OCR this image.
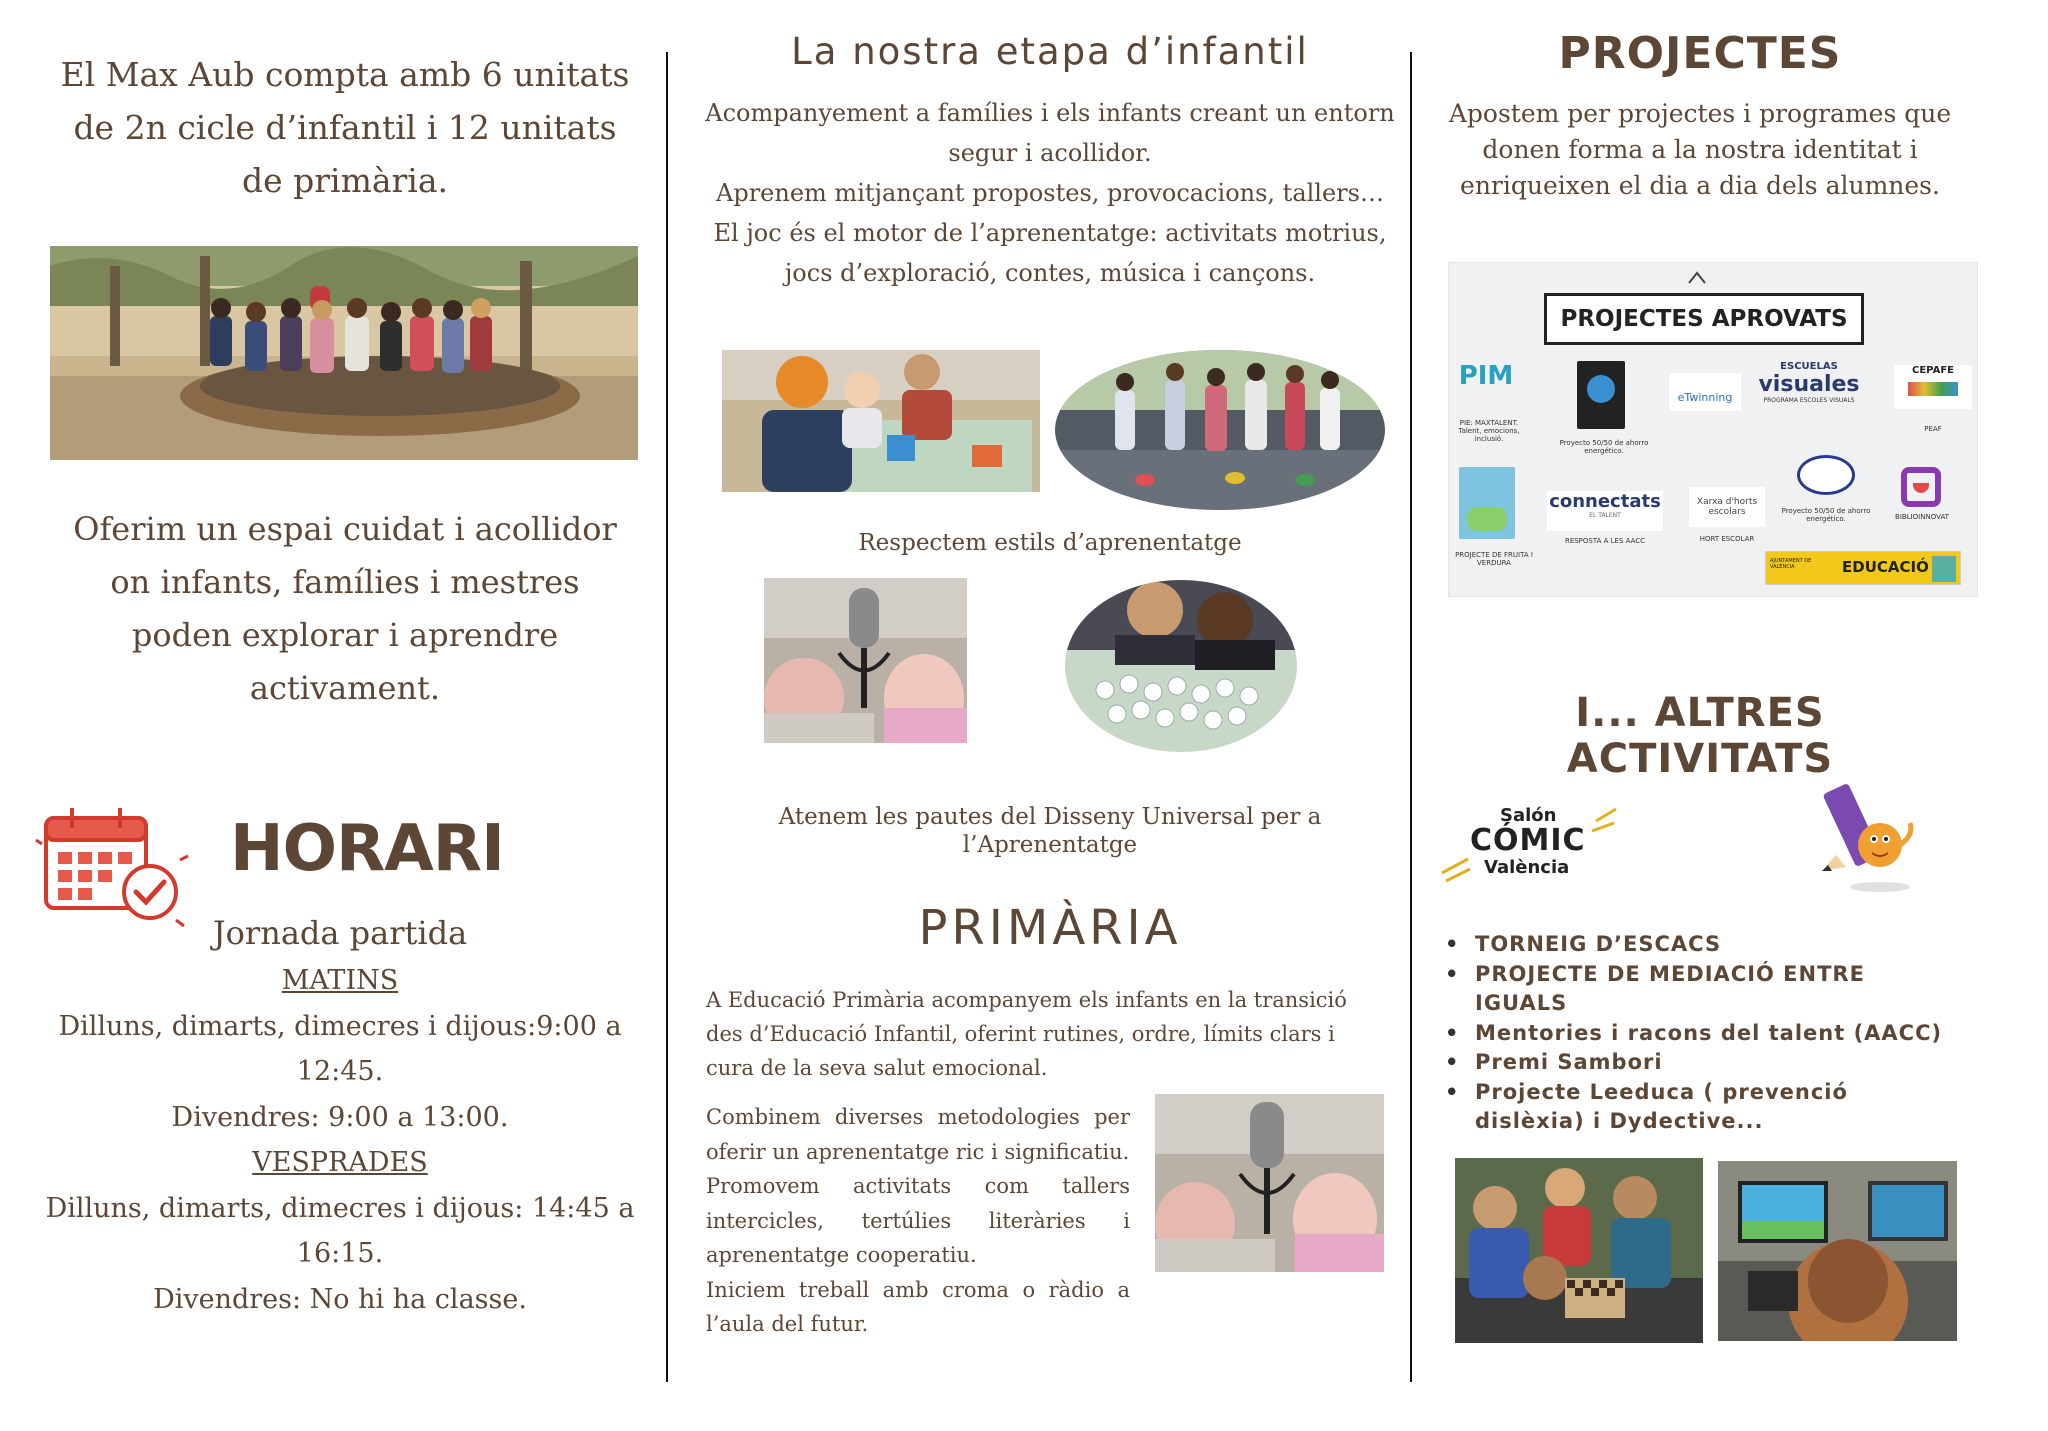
El Max Aub compta amb 6 unitats de 2n cicle d’infantil i 12 unitats de primària.
Oferim un espai cuidat i acollidor on infants, famílies i mestres poden explorar i aprendre activament.
HORARI
Jornada partida
MATINS
Dilluns, dimarts, dimecres i dijous:9:00 a 12:45.
Divendres: 9:00 a 13:00.
VESPRADES
Dilluns, dimarts, dimecres i dijous: 14:45 a 16:15.
Divendres: No hi ha classe.
La nostra etapa d’infantil
Acompanyement a famílies i els infants creant un entorn segur i acollidor.
Aprenem mitjançant propostes, provocacions, tallers…
El joc és el motor de l’aprenentatge: activitats motrius, jocs d’exploració, contes, música i cançons.
Respectem estils d’aprenentatge
Atenem les pautes del Disseny Universal per a l’Aprenentatge
PRIMÀRIA
A Educació Primària acompanyem els infants en la transició des d’Educació Infantil, oferint rutines, ordre, límits clars i cura de la seva salut emocional.
Combinem diverses metodologies per oferir un aprenentatge ric i significatiu.
Promovem activitats com tallers intercicles, tertúlies literàries i aprenentatge cooperatiu.
Iniciem treball amb croma o ràdio a l’aula del futur.
PROJECTES
Apostem per projectes i programes que donen forma a la nostra identitat i enriqueixen el dia a dia dels alumnes.
PROJECTES APROVATS
PIM
PIE: MAXTALENT. Talent, emocions, inclusió.	Proyecto 50/50 de ahorro energético.
eTwinning
ESCUELAS
visuales
PROGRAMA ESCOLES VISUALS
CEPAFE
PEAF
PROJECTE DE FRUITA I VERDURA
connectats
EL TALENT
RESPOSTA A LES AACC
Xarxa d'horts escolars
HORT ESCOLAR
Proyecto 50/50 de ahorro energético.	BIBLIOINNOVAT
AJUNTAMENT DE VALÈNCIA	EDUCACIÓ
I... ALTRES ACTIVITATS
Salón
CÓMIC
València
• TORNEIG D’ESCACS
• PROJECTE DE MEDIACIÓ ENTRE IGUALS
• Mentories i racons del talent (AACC)
• Premi Sambori
• Projecte Leeduca ( prevenció dislèxia) i Dydective...
